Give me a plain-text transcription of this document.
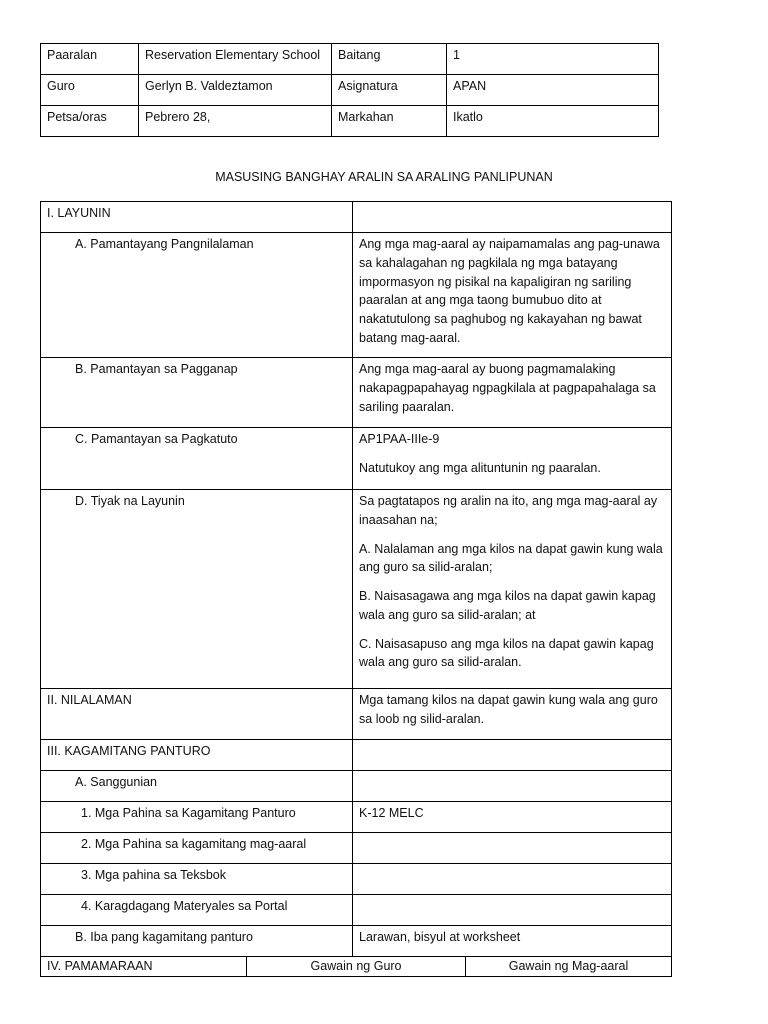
Paaralan	Reservation Elementary School	Baitang	1
Guro	Gerlyn B. Valdeztamon	Asignatura	APAN
Petsa/oras	Pebrero 28,	Markahan	Ikatlo
MASUSING BANGHAY ARALIN SA ARALING PANLIPUNAN
I. LAYUNIN			
A. Pamantayang Pangnilalaman		Ang mga mag-aaral ay naipamamalas ang pag-unawa sa kahalagahan ng pagkilala ng mga batayang impormasyon ng pisikal na kapaligiran ng sariling paaralan at ang mga taong bumubuo dito at nakatutulong sa paghubog ng kakayahan ng bawat batang mag-aaral.	
B. Pamantayan sa Pagganap		Ang mga mag-aaral ay buong pagmamalaking nakapagpapahayag ngpagkilala at pagpapahalaga sa sariling paaralan.	
C. Pamantayan sa Pagkatuto		AP1PAA-IIIe-9

Natutukoy ang mga alituntunin ng paaralan.	

D. Tiyak na Layunin		Sa pagtatapos ng aralin na ito, ang mga mag-aaral ay inaasahan na;

A. Nalalaman ang mga kilos na dapat gawin kung wala ang guro sa silid-aralan;

B. Naisasagawa ang mga kilos na dapat gawin kapag wala ang guro sa silid-aralan; at

C. Naisasapuso ang mga kilos na dapat gawin kapag wala ang guro sa silid-aralan.	

II. NILALAMAN		Mga tamang kilos na dapat gawin kung wala ang guro sa loob ng silid-aralan.	
III. KAGAMITANG PANTURO			
A. Sanggunian			
1. Mga Pahina sa Kagamitang Panturo		K-12 MELC	
2. Mga Pahina sa kagamitang mag-aaral			
3. Mga pahina sa Teksbok			
4. Karagdagang Materyales sa Portal			
B. Iba pang kagamitang panturo		Larawan, bisyul at worksheet	
IV. PAMAMARAAN	Gawain ng Guro		Gawain ng Mag-aaral
